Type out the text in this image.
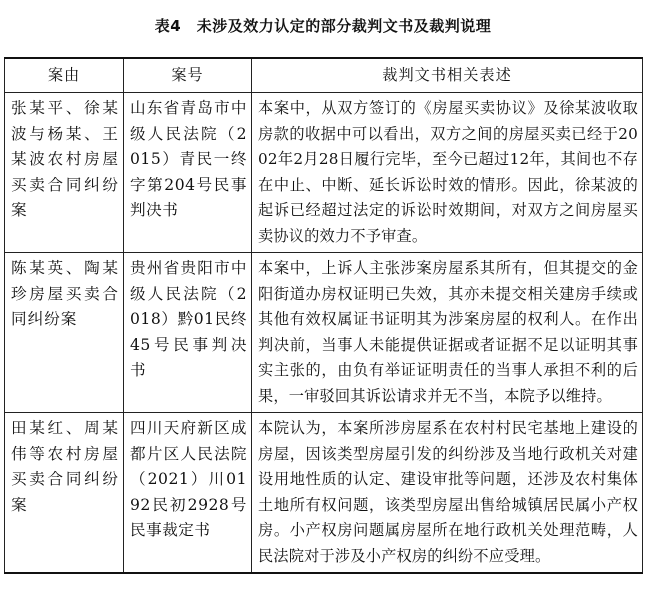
表4　未涉及效力认定的部分裁判文书及裁判说理
案由	案号	裁判文书相关表述
张某平、徐某波与杨某、王某波农村房屋买卖合同纠纷案	山东省青岛市中级人民法院（2015）青民一终字第204号民事判决书	本案中，从双方签订的《房屋买卖协议》及徐某波收取房款的收据中可以看出，双方之间的房屋买卖已经于2002年2月28日履行完毕，至今已超过12年，其间也不存在中止、中断、延长诉讼时效的情形。因此，徐某波的起诉已经超过法定的诉讼时效期间，对双方之间房屋买卖协议的效力不予审查。
陈某英、陶某珍房屋买卖合同纠纷案	贵州省贵阳市中级人民法院（2018）黔01民终45号民事判决书	本案中，上诉人主张涉案房屋系其所有，但其提交的金阳街道办房权证明已失效，其亦未提交相关建房手续或其他有效权属证书证明其为涉案房屋的权利人。在作出判决前，当事人未能提供证据或者证据不足以证明其事实主张的，由负有举证证明责任的当事人承担不利的后果，一审驳回其诉讼请求并无不当，本院予以维持。
田某红、周某伟等农村房屋买卖合同纠纷案	四川天府新区成都片区人民法院（2021）川0192民初2928号民事裁定书	本院认为，本案所涉房屋系在农村村民宅基地上建设的房屋，因该类型房屋引发的纠纷涉及当地行政机关对建设用地性质的认定、建设审批等问题，还涉及农村集体土地所有权问题，该类型房屋出售给城镇居民属小产权房。小产权房问题属房屋所在地行政机关处理范畴，人民法院对于涉及小产权房的纠纷不应受理。
